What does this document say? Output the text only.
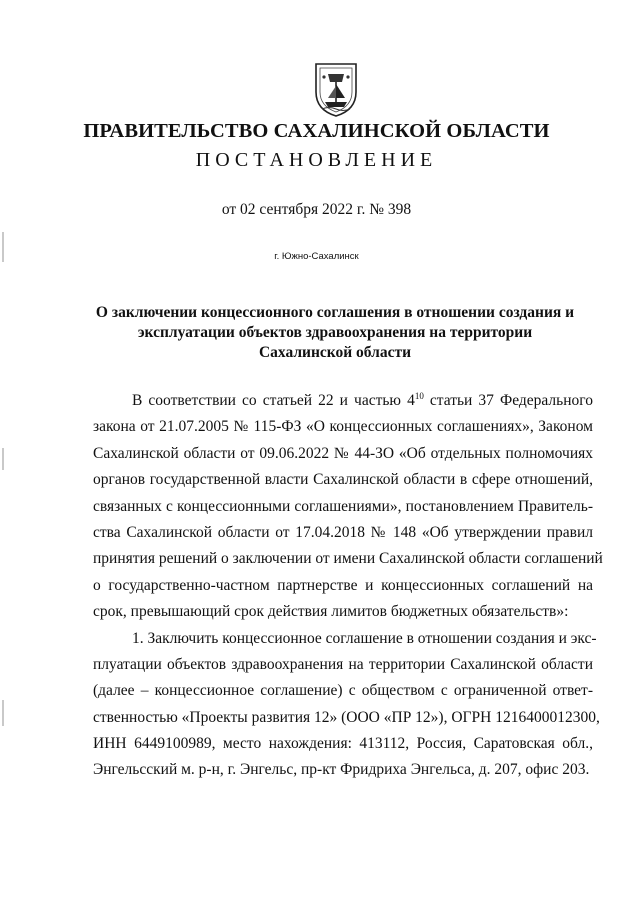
ПРАВИТЕЛЬСТВО САХАЛИНСКОЙ ОБЛАСТИ
ПОСТАНОВЛЕНИЕ
от 02 сентября 2022 г. № 398
г. Южно-Сахалинск
О заключении концессионного соглашения в отношении создания и
эксплуатации объектов здравоохранения на территории
Сахалинской области
В соответствии со статьей 22 и частью $4^{10}$ статьи 37 Федерального
закона от 21.07.2005 № 115-ФЗ «О концессионных соглашениях», Законом
Сахалинской области от 09.06.2022 № 44-ЗО «Об отдельных полномочиях
органов государственной власти Сахалинской области в сфере отношений,
связанных с концессионными соглашениями», постановлением Правитель-
ства Сахалинской области от 17.04.2018 № 148 «Об утверждении правил
принятия решений о заключении от имени Сахалинской области соглашений
о государственно-частном партнерстве и концессионных соглашений на
срок, превышающий срок действия лимитов бюджетных обязательств»:
1. Заключить концессионное соглашение в отношении создания и экс-
плуатации объектов здравоохранения на территории Сахалинской области
(далее – концессионное соглашение) с обществом с ограниченной ответ-
ственностью «Проекты развития 12» (ООО «ПР 12»), ОГРН 1216400012300,
ИНН 6449100989, место нахождения: 413112, Россия, Саратовская обл.,
Энгельсский м. р-н, г. Энгельс, пр-кт Фридриха Энгельса, д. 207, офис 203.
